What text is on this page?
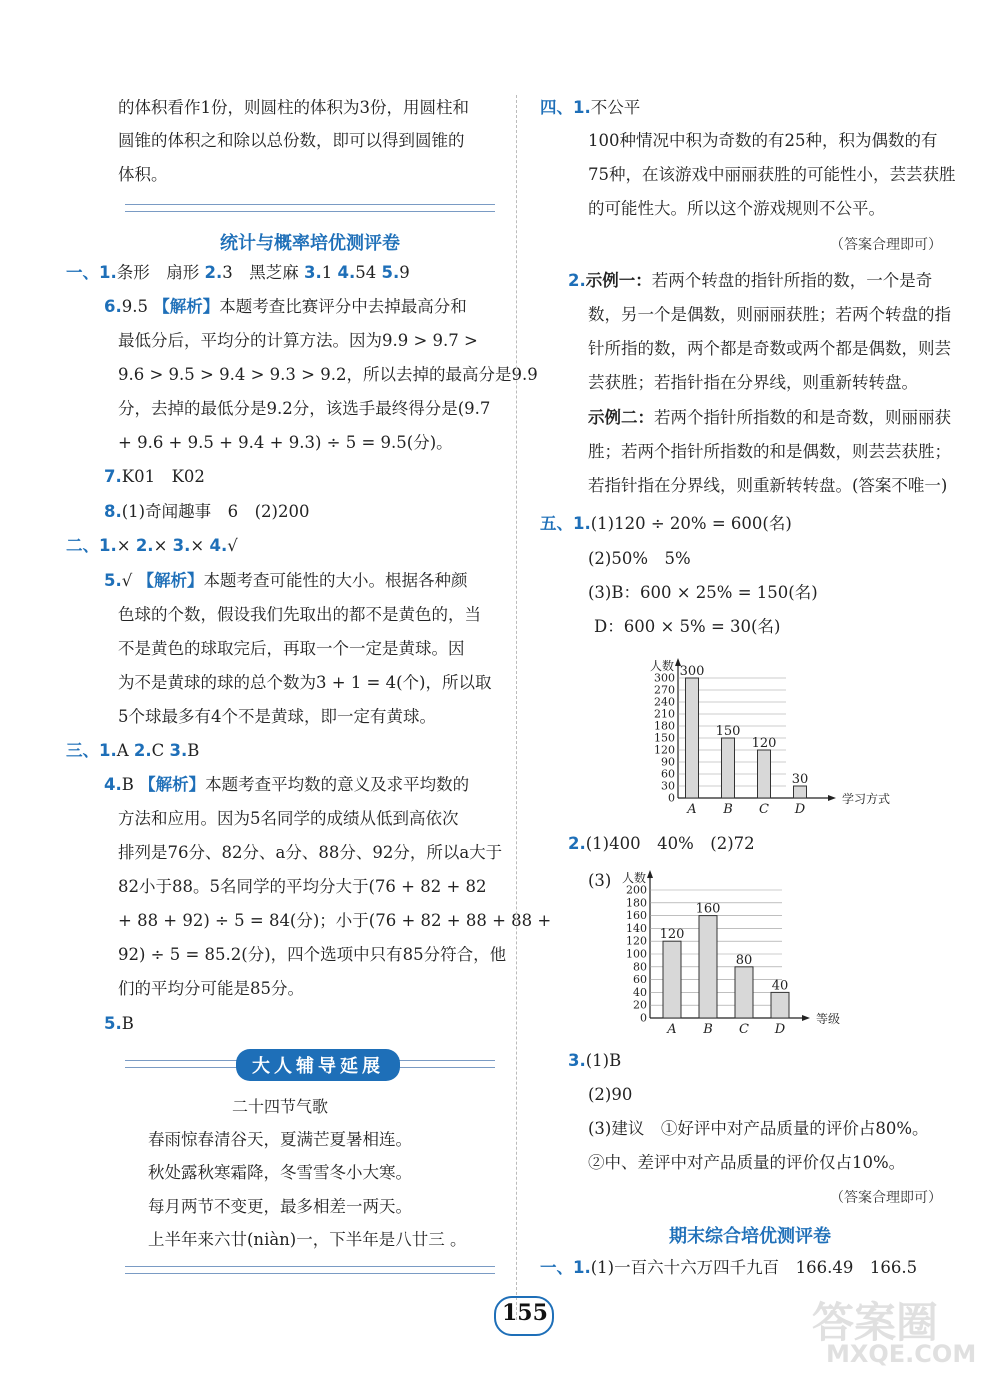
的体积看作1份，则圆柱的体积为3份，用圆柱和
圆锥的体积之和除以总份数，即可以得到圆锥的
体积。
统计与概率培优测评卷
一、1.条形　扇形 2.3　黑芝麻 3.1 4.54 5.9
6.9.5 【解析】本题考查比赛评分中去掉最高分和
最低分后，平均分的计算方法。因为9.9 > 9.7 >
9.6 > 9.5 > 9.4 > 9.3 > 9.2，所以去掉的最高分是9.9
分，去掉的最低分是9.2分，该选手最终得分是(9.7
+ 9.6 + 9.5 + 9.4 + 9.3) ÷ 5 = 9.5(分)。
7.K01　K02
8.(1)奇闻趣事　6　(2)200
二、1.× 2.× 3.× 4.√
5.√ 【解析】本题考查可能性的大小。根据各种颜
色球的个数，假设我们先取出的都不是黄色的，当
不是黄色的球取完后，再取一个一定是黄球。因
为不是黄球的球的总个数为3 + 1 = 4(个)，所以取
5个球最多有4个不是黄球，即一定有黄球。
三、1.A 2.C 3.B
4.B 【解析】本题考查平均数的意义及求平均数的
方法和应用。因为5名同学的成绩从低到高依次
排列是76分、82分、a分、88分、92分，所以a大于
82小于88。5名同学的平均分大于(76 + 82 + 82
+ 88 + 92) ÷ 5 = 84(分)；小于(76 + 82 + 88 + 88 +
92) ÷ 5 = 85.2(分)，四个选项中只有85分符合，他
们的平均分可能是85分。
5.B
大人辅导延展
二十四节气歌
春雨惊春清谷天，夏满芒夏暑相连。
秋处露秋寒霜降，冬雪雪冬小大寒。
每月两节不变更，最多相差一两天。
上半年来六廿(niàn)一，下半年是八廿三 。
四、1.不公平
100种情况中积为奇数的有25种，积为偶数的有
75种，在该游戏中丽丽获胜的可能性小，芸芸获胜
的可能性大。所以这个游戏规则不公平。
（答案合理即可）
2.示例一：若两个转盘的指针所指的数，一个是奇
数，另一个是偶数，则丽丽获胜；若两个转盘的指
针所指的数，两个都是奇数或两个都是偶数，则芸
芸获胜；若指针指在分界线，则重新转转盘。
示例二：若两个指针所指数的和是奇数，则丽丽获
胜；若两个指针所指数的和是偶数，则芸芸获胜；
若指针指在分界线，则重新转转盘。(答案不唯一)
五、1.(1)120 ÷ 20% = 600(名)
(2)50%　5%
(3)B：600 × 25% = 150(名)
D：600 × 5% = 30(名)
0
30
60
90
120
150
180
210
240
270
300
人数
学习方式
300
A
150
B
120
C
30
D
2.(1)400　40%　(2)72
(3)
0
20
40
60
80
100
120
140
160
180
200
人数
等级
120
A
160
B
80
C
40
D
3.(1)B
(2)90
(3)建议　①好评中对产品质量的评价占80%。
②中、差评中对产品质量的评价仅占10%。
（答案合理即可）
期末综合培优测评卷
一、1.(1)一百六十六万四千九百　166.49　166.5
155	答案圈
MXQE.COM
